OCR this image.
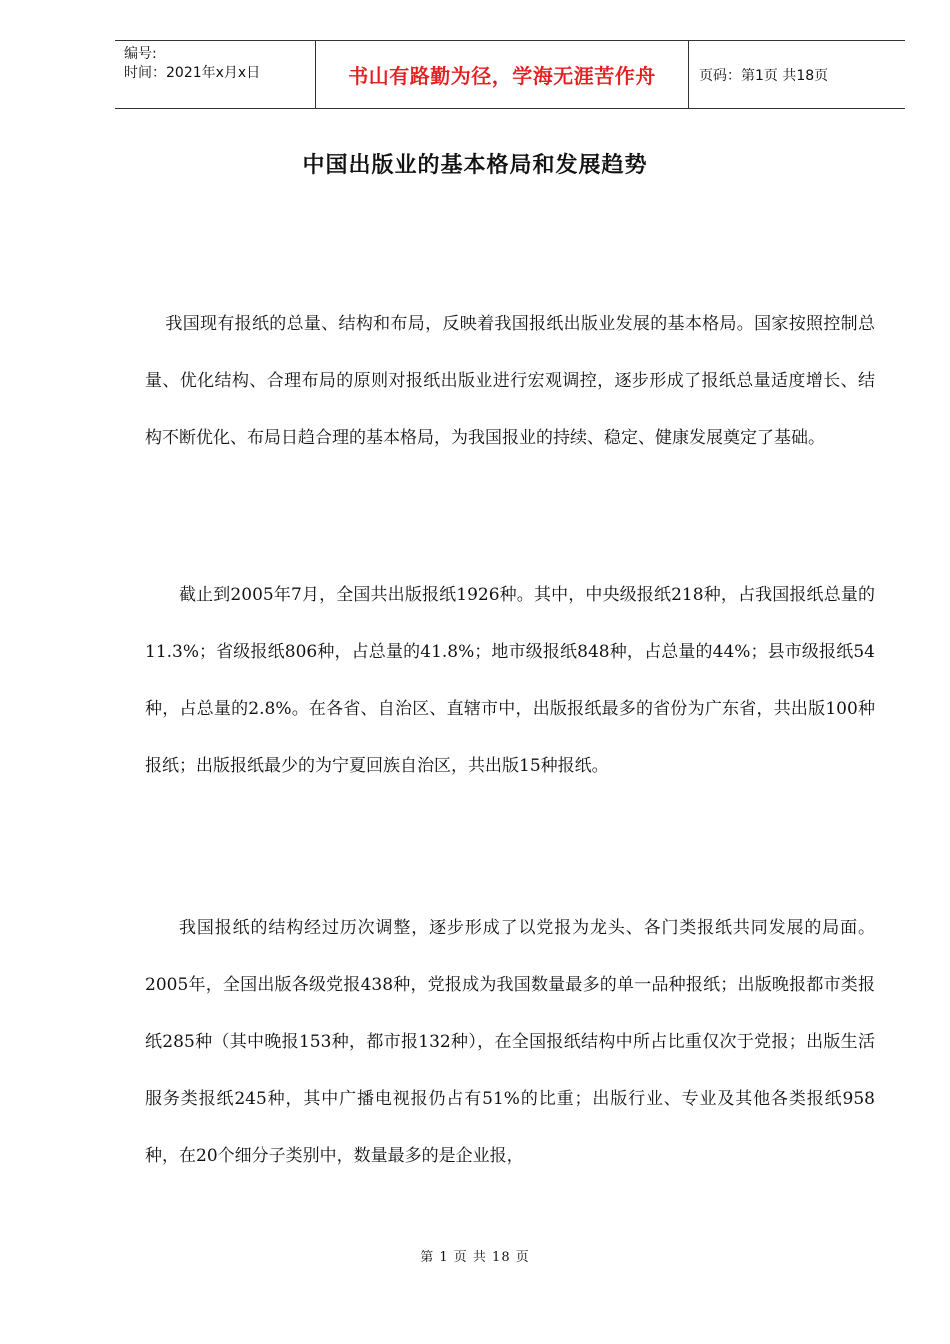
编号:
时间：2021年x月x日	书山有路勤为径，学海无涯苦作舟	页码：第1页 共18页
中国出版业的基本格局和发展趋势

我国现有报纸的总量、结构和布局，反映着我国报纸出版业发展的基本格局。国家按照控制总量、优化结构、合理布局的原则对报纸出版业进行宏观调控，逐步形成了报纸总量适度增长、结构不断优化、布局日趋合理的基本格局，为我国报业的持续、稳定、健康发展奠定了基础。

截止到2005年7月，全国共出版报纸1926种。其中，中央级报纸218种，占我国报纸总量的11.3%；省级报纸806种，占总量的41.8%；地市级报纸848种，占总量的44%；县市级报纸54种，占总量的2.8%。在各省、自治区、直辖市中，出版报纸最多的省份为广东省，共出版100种报纸；出版报纸最少的为宁夏回族自治区，共出版15种报纸。

我国报纸的结构经过历次调整，逐步形成了以党报为龙头、各门类报纸共同发展的局面。2005年，全国出版各级党报438种，党报成为我国数量最多的单一品种报纸；出版晚报都市类报纸285种（其中晚报153种，都市报132种），在全国报纸结构中所占比重仅次于党报；出版生活服务类报纸245种，其中广播电视报仍占有51%的比重；出版行业、专业及其他各类报纸958种，在20个细分子类别中，数量最多的是企业报，

第 1 页 共 18 页
